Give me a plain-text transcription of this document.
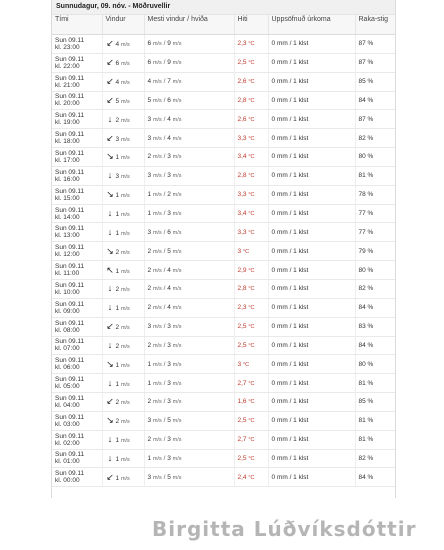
Sunnudagur, 09. nóv. - Möðruvellir
Tími	Vindur	Mesti vindur / hviða	Hiti	Uppsöfnuð úrkoma	Raka-stig

Sun 09.11
kl. 23:00	↙ 4 m/s	6 m/s / 9 m/s	2,3 °C	0 mm / 1 klst	87 %

Sun 09.11
kl. 22:00	↙ 6 m/s	6 m/s / 9 m/s	2,5 °C	0 mm / 1 klst	87 %

Sun 09.11
kl. 21:00	↙ 4 m/s	4 m/s / 7 m/s	2,6 °C	0 mm / 1 klst	85 %

Sun 09.11
kl. 20:00	↙ 5 m/s	5 m/s / 6 m/s	2,8 °C	0 mm / 1 klst	84 %

Sun 09.11
kl. 19:00	↓ 2 m/s	3 m/s / 4 m/s	2,6 °C	0 mm / 1 klst	87 %

Sun 09.11
kl. 18:00	↙ 3 m/s	3 m/s / 4 m/s	3,3 °C	0 mm / 1 klst	82 %

Sun 09.11
kl. 17:00	↘ 1 m/s	2 m/s / 3 m/s	3,4 °C	0 mm / 1 klst	80 %

Sun 09.11
kl. 16:00	↓ 3 m/s	3 m/s / 3 m/s	2,8 °C	0 mm / 1 klst	81 %

Sun 09.11
kl. 15:00	↘ 1 m/s	1 m/s / 2 m/s	3,3 °C	0 mm / 1 klst	78 %

Sun 09.11
kl. 14:00	↓ 1 m/s	1 m/s / 3 m/s	3,4 °C	0 mm / 1 klst	77 %

Sun 09.11
kl. 13:00	↓ 1 m/s	3 m/s / 6 m/s	3,3 °C	0 mm / 1 klst	77 %

Sun 09.11
kl. 12:00	↘ 2 m/s	2 m/s / 5 m/s	3 °C	0 mm / 1 klst	79 %

Sun 09.11
kl. 11:00	↖ 1 m/s	2 m/s / 4 m/s	2,9 °C	0 mm / 1 klst	80 %

Sun 09.11
kl. 10:00	↓ 2 m/s	2 m/s / 4 m/s	2,8 °C	0 mm / 1 klst	82 %

Sun 09.11
kl. 09:00	↓ 1 m/s	2 m/s / 4 m/s	2,3 °C	0 mm / 1 klst	84 %

Sun 09.11
kl. 08:00	↙ 2 m/s	3 m/s / 3 m/s	2,5 °C	0 mm / 1 klst	83 %

Sun 09.11
kl. 07:00	↓ 2 m/s	2 m/s / 3 m/s	2,5 °C	0 mm / 1 klst	84 %

Sun 09.11
kl. 06:00	↘ 1 m/s	1 m/s / 3 m/s	3 °C	0 mm / 1 klst	80 %

Sun 09.11
kl. 05:00	↓ 1 m/s	1 m/s / 3 m/s	2,7 °C	0 mm / 1 klst	81 %

Sun 09.11
kl. 04:00	↙ 2 m/s	2 m/s / 3 m/s	1,6 °C	0 mm / 1 klst	85 %

Sun 09.11
kl. 03:00	↘ 2 m/s	3 m/s / 5 m/s	2,5 °C	0 mm / 1 klst	81 %

Sun 09.11
kl. 02:00	↓ 1 m/s	2 m/s / 3 m/s	2,7 °C	0 mm / 1 klst	81 %

Sun 09.11
kl. 01:00	↓ 1 m/s	1 m/s / 3 m/s	2,5 °C	0 mm / 1 klst	82 %

Sun 09.11
kl. 00:00	↙ 1 m/s	3 m/s / 5 m/s	2,4 °C	0 mm / 1 klst	84 %
Birgitta Lúðvíksdóttir
